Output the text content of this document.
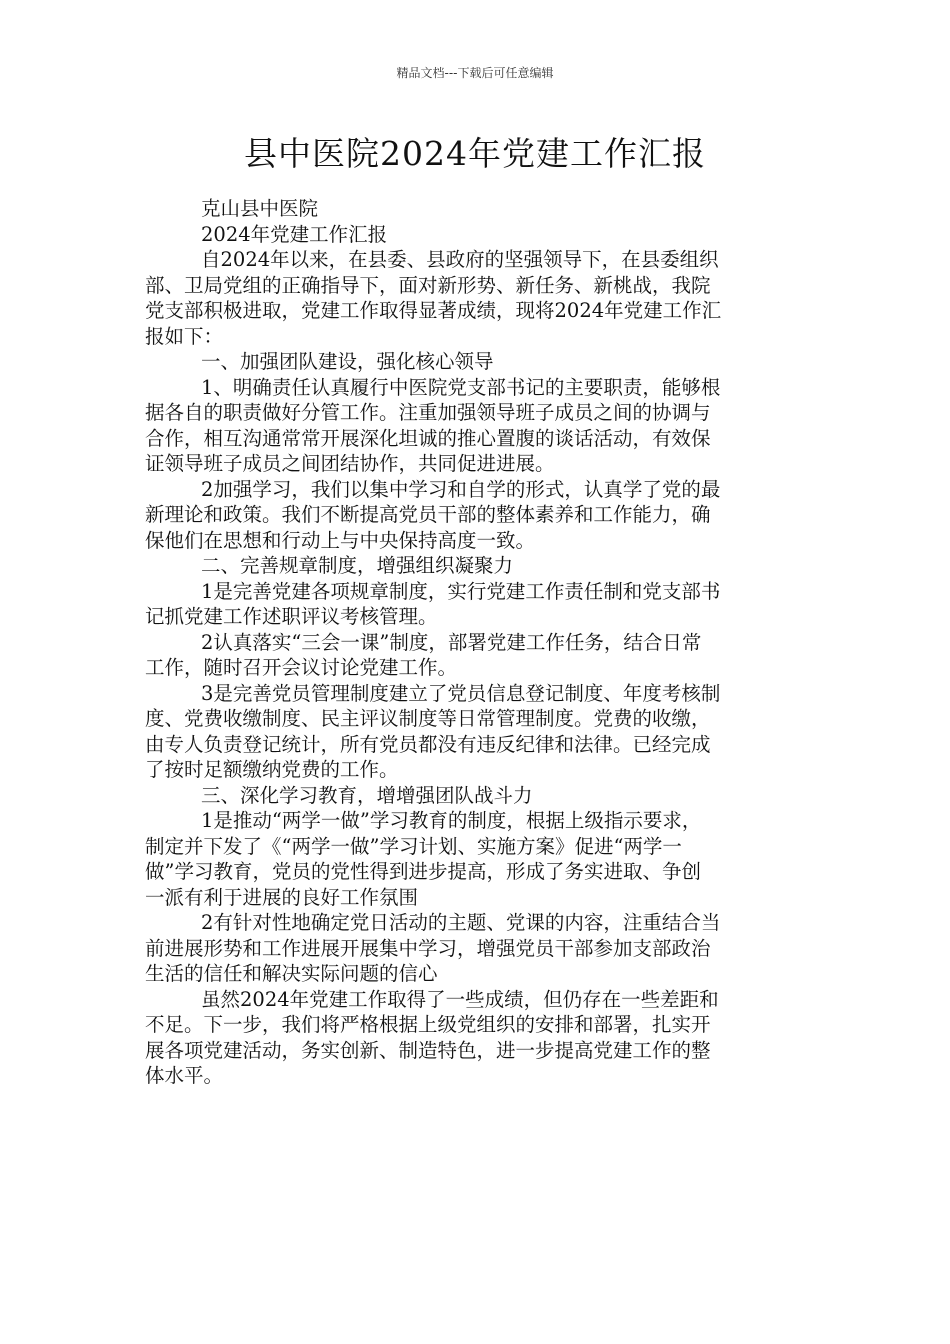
精品文档---下载后可任意编辑
县中医院2024年党建工作汇报
克山县中医院
2024年党建工作汇报
自2024年以来，在县委、县政府的坚强领导下，在县委组织
部、卫局党组的正确指导下，面对新形势、新任务、新桃战，我院
党支部积极进取，党建工作取得显著成绩，现将2024年党建工作汇
报如下：
一、加强团队建设，强化核心领导
1、明确责任认真履行中医院党支部书记的主要职责，能够根
据各自的职责做好分管工作。注重加强领导班子成员之间的协调与
合作，相互沟通常常开展深化坦诚的推心置腹的谈话活动，有效保
证领导班子成员之间团结协作，共同促进进展。
2加强学习，我们以集中学习和自学的形式，认真学了党的最
新理论和政策。我们不断提高党员干部的整体素养和工作能力，确
保他们在思想和行动上与中央保持高度一致。
二、完善规章制度，增强组织凝聚力
1是完善党建各项规章制度，实行党建工作责任制和党支部书
记抓党建工作述职评议考核管理。
2认真落实“三会一课”制度，部署党建工作任务，结合日常
工作，随时召开会议讨论党建工作。
3是完善党员管理制度建立了党员信息登记制度、年度考核制
度、党费收缴制度、民主评议制度等日常管理制度。党费的收缴，
由专人负责登记统计，所有党员都没有违反纪律和法律。已经完成
了按时足额缴纳党费的工作。
三、深化学习教育，增增强团队战斗力
1是推动“两学一做”学习教育的制度，根据上级指示要求，
制定并下发了《“两学一做”学习计划、实施方案》促进“两学一
做”学习教育，党员的党性得到进步提高，形成了务实进取、争创
一派有利于进展的良好工作氛围
2有针对性地确定党日活动的主题、党课的内容，注重结合当
前进展形势和工作进展开展集中学习，增强党员干部参加支部政治
生活的信任和解决实际问题的信心
虽然2024年党建工作取得了一些成绩，但仍存在一些差距和
不足。下一步，我们将严格根据上级党组织的安排和部署，扎实开
展各项党建活动，务实创新、制造特色，进一步提高党建工作的整
体水平。
